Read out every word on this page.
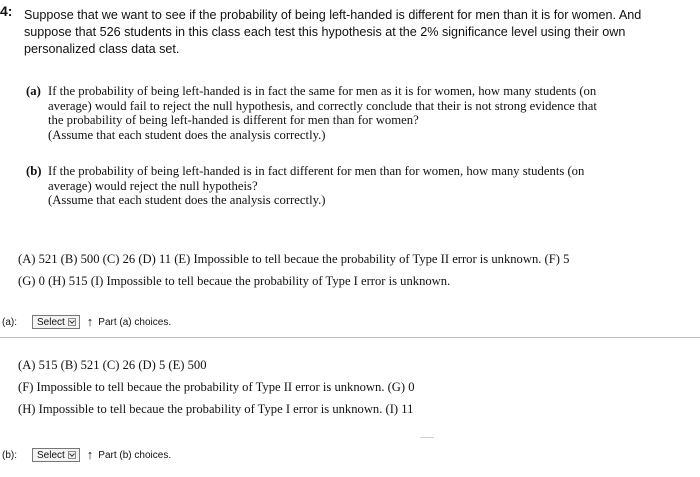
4: Suppose that we want to see if the probability of being left-handed is different for men than it is for women. And
suppose that 526 students in this class each test this hypothesis at the 2% significance level using their own
personalized class data set.
(a) If the probability of being left-handed is in fact the same for men as it is for women, how many students (on
average) would fail to reject the null hypothesis, and correctly conclude that their is not strong evidence that
the probability of being left-handed is different for men than for women?
(Assume that each student does the analysis correctly.)
(b) If the probability of being left-handed is in fact different for men than for women, how many students (on
average) would reject the null hypotheis?
(Assume that each student does the analysis correctly.)
(A) 521 (B) 500 (C) 26 (D) 11 (E) Impossible to tell becaue the probability of Type II error is unknown. (F) 5
(G) 0 (H) 515 (I) Impossible to tell becaue the probability of Type I error is unknown.
(a):	Select ↑ Part (a) choices.
(A) 515 (B) 521 (C) 26 (D) 5 (E) 500
(F) Impossible to tell becaue the probability of Type II error is unknown. (G) 0
(H) Impossible to tell becaue the probability of Type I error is unknown. (I) 11
(b):	Select ↑ Part (b) choices.
